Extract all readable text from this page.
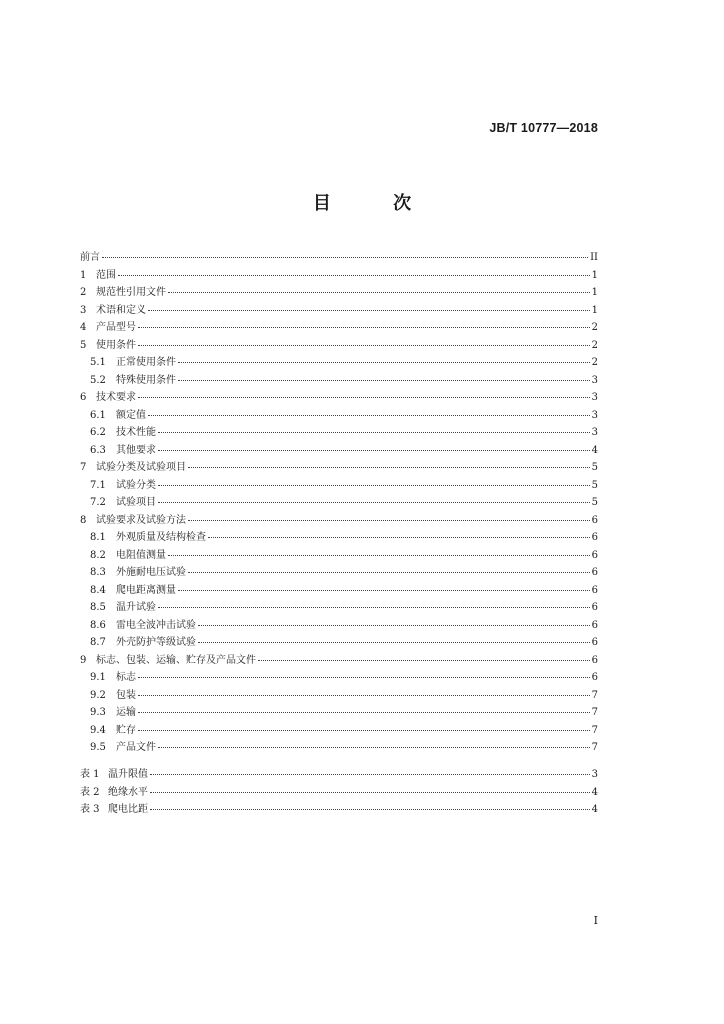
JB/T 10777—2018
目 次
前言	II
1 范围	1
2 规范性引用文件	1
3 术语和定义	1
4 产品型号	2
5 使用条件	2
5.1	正常使用条件	2
5.2	特殊使用条件	3
6 技术要求	3
6.1	额定值	3
6.2	技术性能	3
6.3	其他要求	4
7 试验分类及试验项目	5
7.1	试验分类	5
7.2	试验项目	5
8 试验要求及试验方法	6
8.1	外观质量及结构检查	6
8.2	电阻值测量	6
8.3	外施耐电压试验	6
8.4	爬电距离测量	6
8.5	温升试验	6
8.6	雷电全波冲击试验	6
8.7	外壳防护等级试验	6
9 标志、包装、运输、贮存及产品文件	6
9.1	标志	6
9.2	包装	7
9.3	运输	7
9.4	贮存	7
9.5	产品文件	7
表 1 温升限值	3
表 2 绝缘水平	4
表 3 爬电比距	4
I
